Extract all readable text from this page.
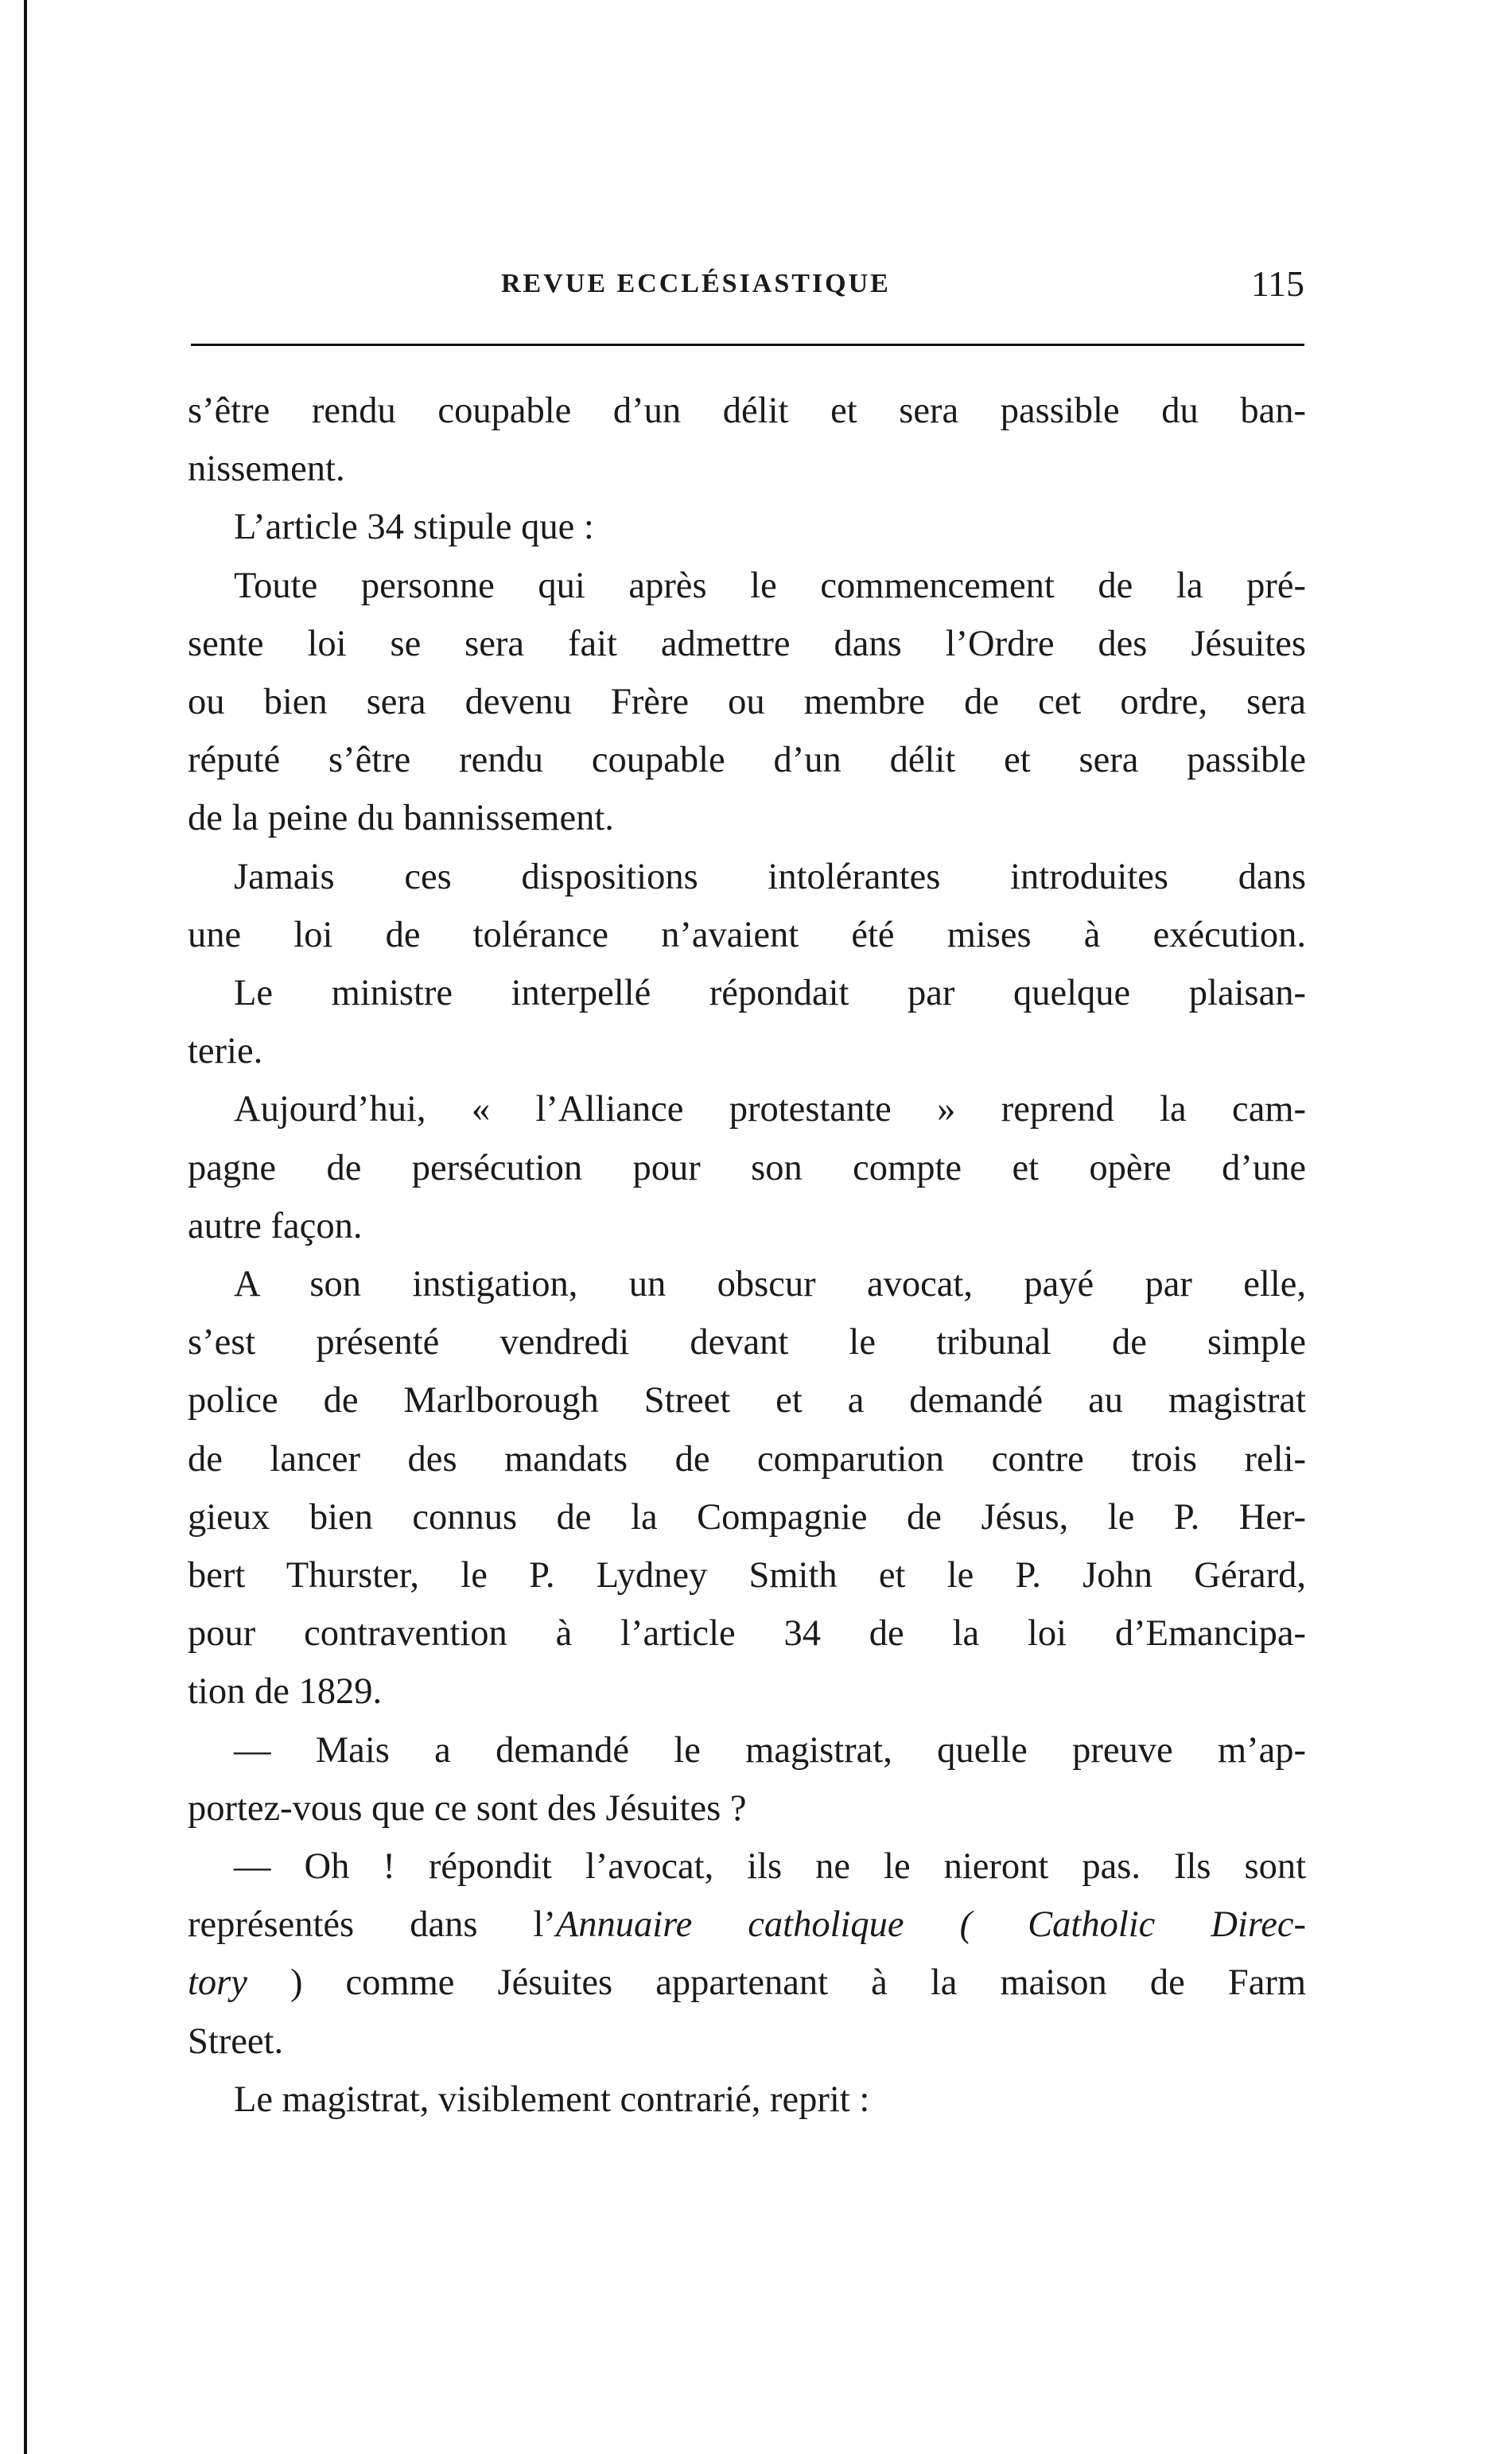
REVUE ECCLÉSIASTIQUE	115
s’être rendu coupable d’un délit et sera passible du ban-
nissement.
L’article 34 stipule que :
Toute personne qui après le commencement de la pré-
sente loi se sera fait admettre dans l’Ordre des Jésuites
ou bien sera devenu Frère ou membre de cet ordre, sera
réputé s’être rendu coupable d’un délit et sera passible
de la peine du bannissement.
Jamais ces dispositions intolérantes introduites dans
une loi de tolérance n’avaient été mises à exécution.
Le ministre interpellé répondait par quelque plaisan-
terie.
Aujourd’hui, « l’Alliance protestante » reprend la cam-
pagne de persécution pour son compte et opère d’une
autre façon.
A son instigation, un obscur avocat, payé par elle,
s’est présenté vendredi devant le tribunal de simple
police de Marlborough Street et a demandé au magistrat
de lancer des mandats de comparution contre trois reli-
gieux bien connus de la Compagnie de Jésus, le P. Her-
bert Thurster, le P. Lydney Smith et le P. John Gérard,
pour contravention à l’article 34 de la loi d’Emancipa-
tion de 1829.
— Mais a demandé le magistrat, quelle preuve m’ap-
portez-vous que ce sont des Jésuites ?
— Oh ! répondit l’avocat, ils ne le nieront pas. Ils sont
représentés dans l’Annuaire catholique ( Catholic Direc-
tory ) comme Jésuites appartenant à la maison de Farm
Street.
Le magistrat, visiblement contrarié, reprit :
